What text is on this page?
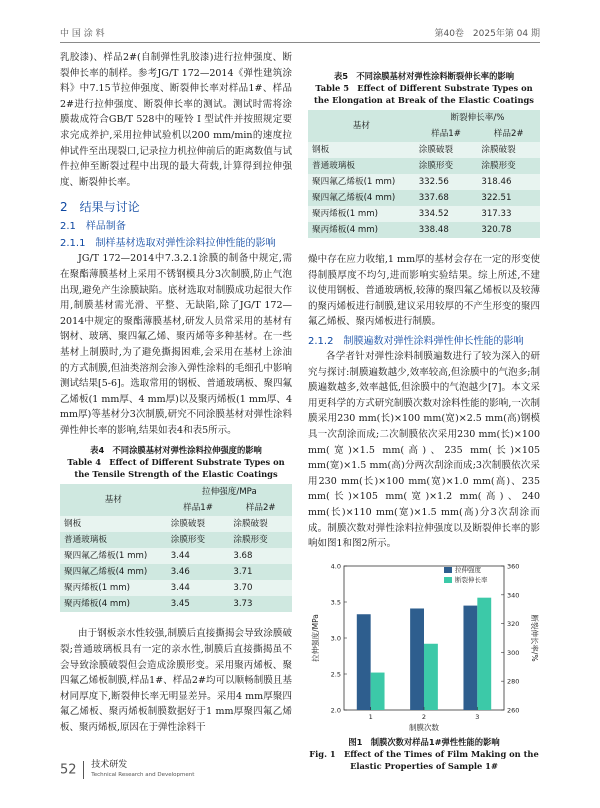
中 国 涂 料	第40卷　2025年第 04 期

乳胶漆)、样品2#(自制弹性乳胶漆)进行拉伸强度、断裂伸长率的制样。参考JG/T 172—2014《弹性建筑涂料》中7.15节拉伸强度、断裂伸长率对样品1#、样品2#进行拉伸强度、断裂伸长率的测试。测试时需将涂膜裁成符合GB/T 528中的哑铃 I 型试件并按照规定要求完成养护,采用拉伸试验机以200 mm/min的速度拉伸试件至出现裂口,记录拉力机拉伸前后的距离数值与试件拉伸至断裂过程中出现的最大荷载,计算得到拉伸强度、断裂伸长率。

2　结果与讨论
2.1　样品制备
2.1.1　制样基材选取对弹性涂料拉伸性能的影响

JG/T 172—2014中7.3.2.1涂膜的制备中规定,需在聚酯薄膜基材上采用不锈钢模具分3次制膜,防止气泡出现,避免产生涂膜缺陷。底材选取对制膜成功起很大作用,制膜基材需光滑、平整、无缺陷,除了JG/T 172—2014中规定的聚酯薄膜基材,研发人员常采用的基材有钢材、玻璃、聚四氟乙烯、聚丙烯等多种基材。在一些基材上制膜时,为了避免撕揭困难,会采用在基材上涂油的方式制膜,但油类溶剂会渗入弹性涂料的毛细孔中影响测试结果[5-6]。选取常用的钢板、普通玻璃板、聚四氟乙烯板(1 mm厚、4 mm厚)以及聚丙烯板(1 mm厚、4 mm厚)等基材分3次制膜,研究不同涂膜基材对弹性涂料弹性伸长率的影响,结果如表4和表5所示。

表4　不同涂膜基材对弹性涂料拉伸强度的影响
Table 4　Effect of Different Substrate Types on the Tensile Strength of the Elastic Coatings
基材	拉伸强度/MPa	
	样品1#	样品2#
钢板	涂膜破裂	涂膜破裂
普通玻璃板	涂膜形变	涂膜形变
聚四氟乙烯板(1 mm)	3.44	3.68
聚四氟乙烯板(4 mm)	3.46	3.71
聚丙烯板(1 mm)	3.44	3.70
聚丙烯板(4 mm)	3.45	3.73

由于钢板亲水性较强,制膜后直接撕揭会导致涂膜破裂;普通玻璃板具有一定的亲水性,制膜后直接撕揭虽不会导致涂膜破裂但会造成涂膜形变。采用聚丙烯板、聚四氟乙烯板制膜,样品1#、样品2#均可以顺畅制膜且基材同厚度下,断裂伸长率无明显差异。采用4 mm厚聚四氟乙烯板、聚丙烯板制膜数据好于1 mm厚聚四氟乙烯板、聚丙烯板,原因在于弹性涂料干

表5　不同涂膜基材对弹性涂料断裂伸长率的影响
Table 5　Effect of Different Substrate Types on the Elongation at Break of the Elastic Coatings
基材	断裂伸长率/%	
	样品1#	样品2#
钢板	涂膜破裂	涂膜破裂
普通玻璃板	涂膜形变	涂膜形变
聚四氟乙烯板(1 mm)	332.56	318.46
聚四氟乙烯板(4 mm)	337.68	322.51
聚丙烯板(1 mm)	334.52	317.33
聚丙烯板(4 mm)	338.48	320.78

燥中存在应力收缩,1 mm厚的基材会存在一定的形变使得制膜厚度不均匀,进而影响实验结果。综上所述,不建议使用钢板、普通玻璃板,较薄的聚四氟乙烯板以及较薄的聚丙烯板进行制膜,建议采用较厚的不产生形变的聚四氟乙烯板、聚丙烯板进行制膜。

2.1.2　制膜遍数对弹性涂料弹性伸长性能的影响

各学者针对弹性涂料制膜遍数进行了较为深入的研究与探讨:制膜遍数越少,效率较高,但涂膜中的气泡多;制膜遍数越多,效率越低,但涂膜中的气泡越少[7]。本文采用更科学的方式研究制膜次数对涂料性能的影响,一次制膜采用230 mm(长)×100 mm(宽)×2.5 mm(高)钢模具一次刮涂而成;二次制膜依次采用230 mm(长)×100 mm(宽)×1.5 mm(高)、235 mm(长)×105 mm(宽)×1.5 mm(高)分两次刮涂而成;3次制膜依次采用230 mm(长)×100 mm(宽)×1.0 mm(高)、235 mm(长)×105 mm(宽)×1.2 mm(高)、240 mm(长)×110 mm(宽)×1.5 mm(高)分3次刮涂而成。制膜次数对弹性涂料拉伸强度以及断裂伸长率的影响如图1和图2所示。

2.0
2.5
3.0
3.5
4.0
260
280
300
320
340
360
1	2	3
制膜次数
拉伸强度/MPa	断裂伸长率/%
拉伸强度
断裂伸长率
图1　制膜次数对样品1#弹性性能的影响
Fig. 1　Effect of the Times of Film Making on the Elastic Properties of Sample 1#
52 技术研发
Technical Research and Development
